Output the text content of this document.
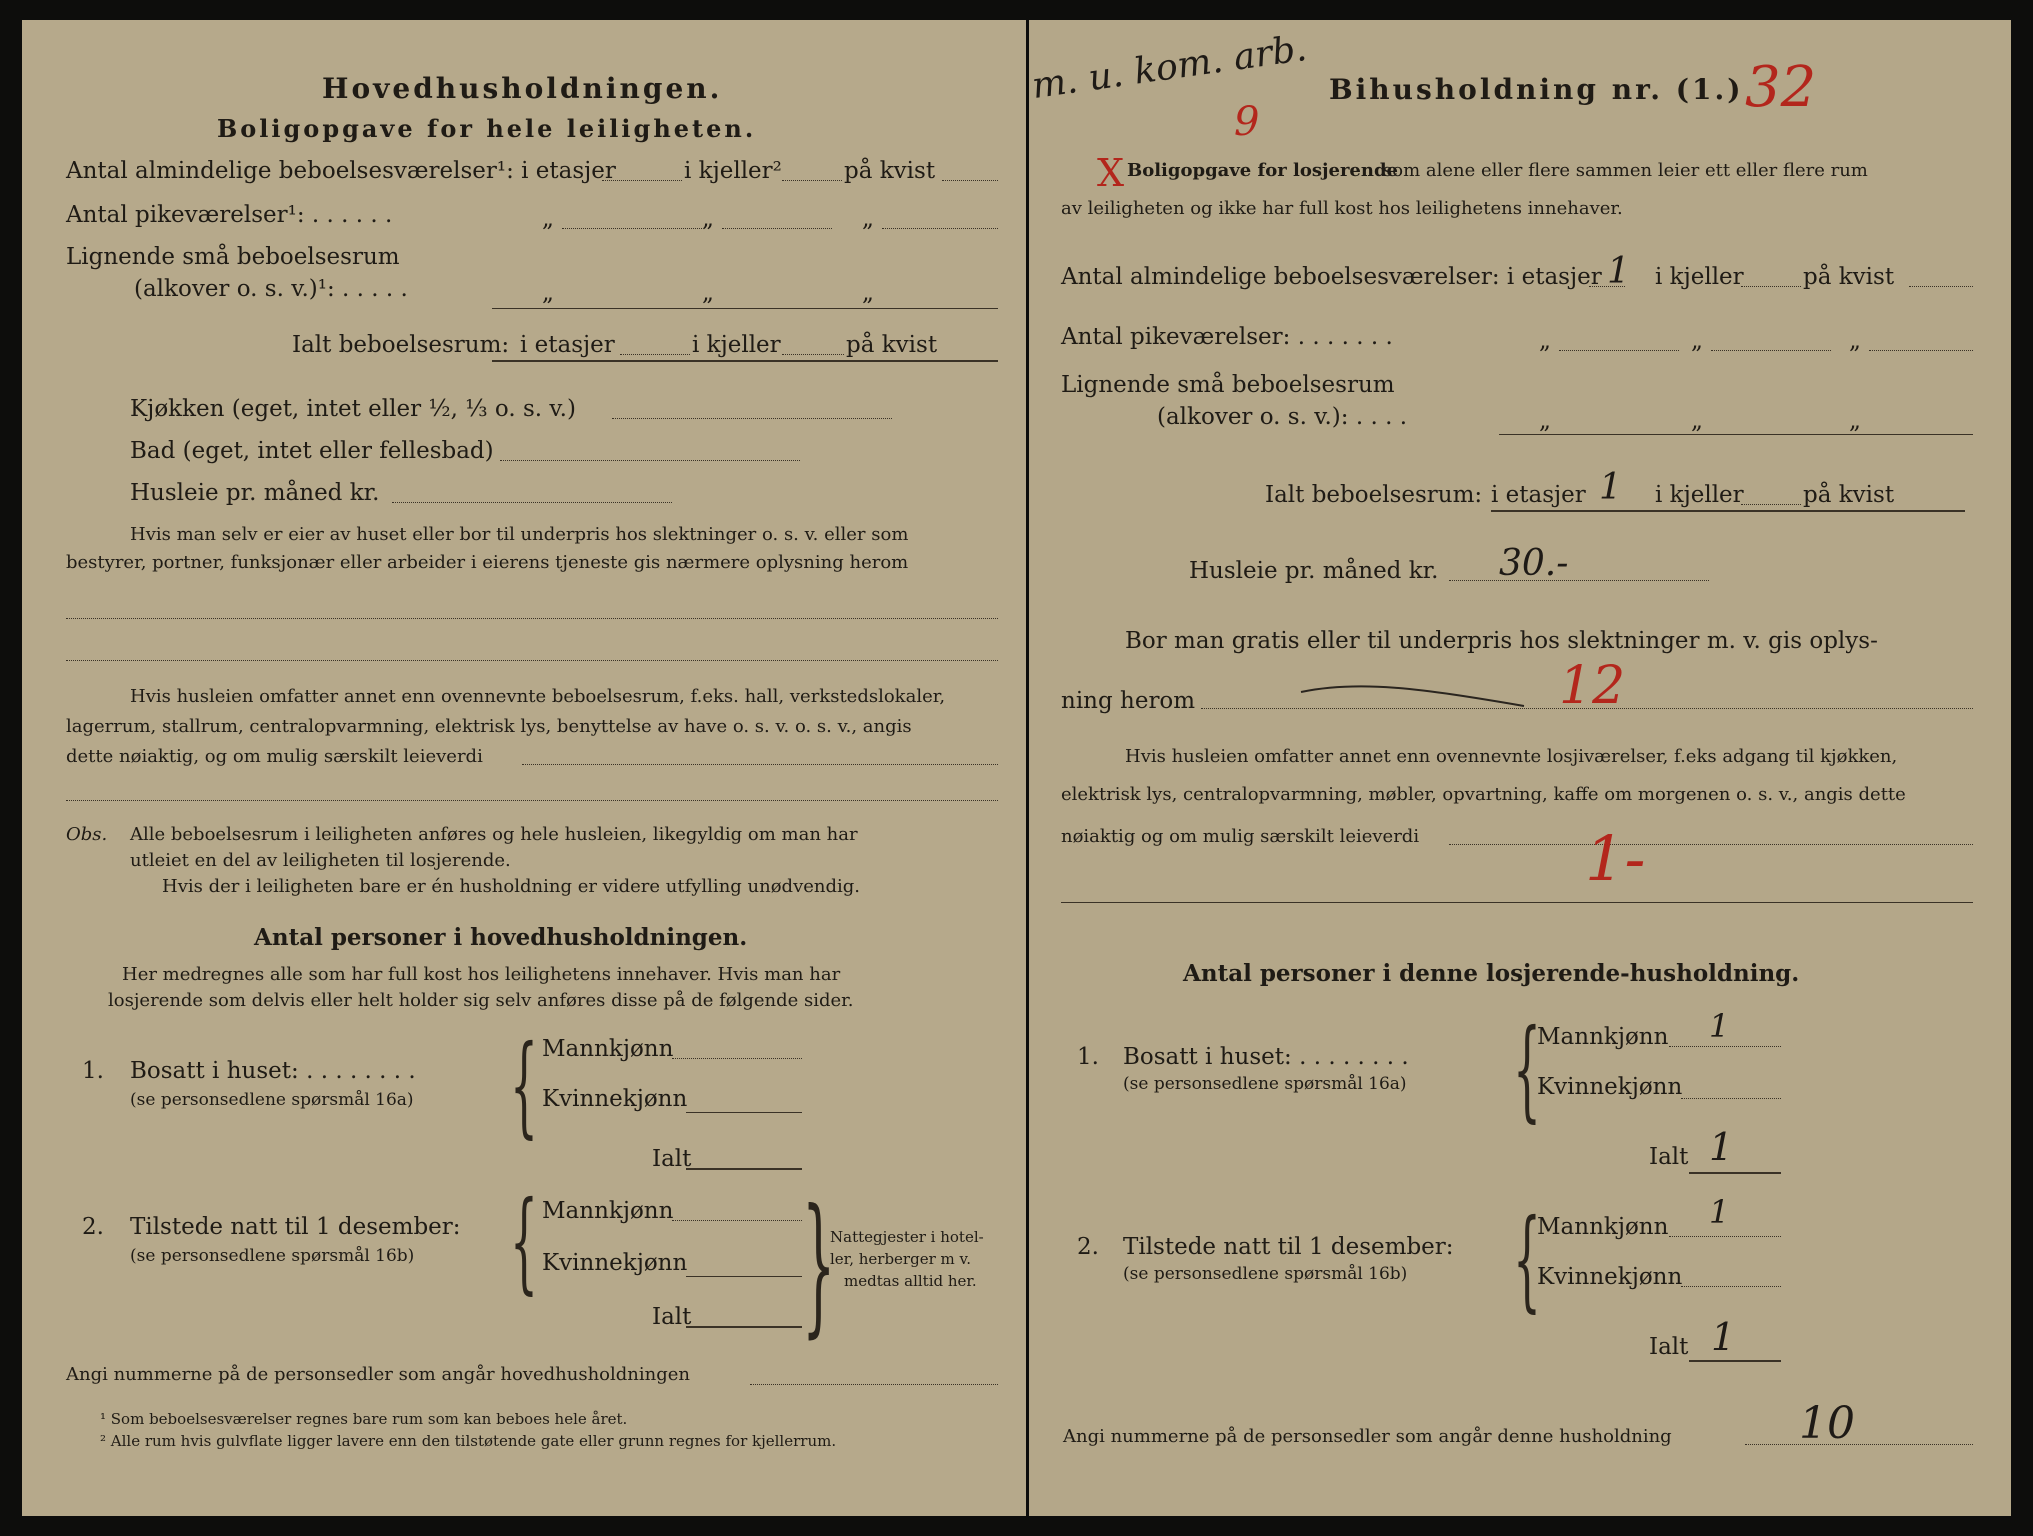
Hovedhusholdningen.
Boligopgave for hele leiligheten.
Antal almindelige beboelsesværelser¹: i etasjer	i kjeller²	på kvist
Antal pikeværelser¹: . . . . . .	„	„	„
Lignende små beboelsesrum
(alkover o. s. v.)¹: . . . . .	„	„	„
Ialt beboelsesrum: i etasjer	i kjeller	på kvist
Kjøkken (eget, intet eller ½, ⅓ o. s. v.)
Bad (eget, intet eller fellesbad)
Husleie pr. måned kr.
Hvis man selv er eier av huset eller bor til underpris hos slektninger o. s. v. eller som
bestyrer, portner, funksjonær eller arbeider i eierens tjeneste gis nærmere oplysning herom
Hvis husleien omfatter annet enn ovennevnte beboelsesrum, f.eks. hall, verkstedslokaler,
lagerrum, stallrum, centralopvarmning, elektrisk lys, benyttelse av have o. s. v. o. s. v., angis
dette nøiaktig, og om mulig særskilt leieverdi
Obs. Alle beboelsesrum i leiligheten anføres og hele husleien, likegyldig om man har
utleiet en del av leiligheten til losjerende.
Hvis der i leiligheten bare er én husholdning er videre utfylling unødvendig.
Antal personer i hovedhusholdningen.
Her medregnes alle som har full kost hos leilighetens innehaver. Hvis man har
losjerende som delvis eller helt holder sig selv anføres disse på de følgende sider.
1. Bosatt i huset: . . . . . . . .
(se personsedlene spørsmål 16a) { Mannkjønn
Kvinnekjønn
Ialt
2. Tilstede natt til 1 desember:
(se personsedlene spørsmål 16b) { Mannkjønn
Kvinnekjønn
Ialt }
Nattegjester i hotel-
ler, herberger m v.
medtas alltid her.
Angi nummerne på de personsedler som angår hovedhusholdningen
¹ Som beboelsesværelser regnes bare rum som kan beboes hele året.
² Alle rum hvis gulvflate ligger lavere enn den tilstøtende gate eller grunn regnes for kjellerrum.
m. u. kom. arb.
9
Bihusholdning nr. (1.) 32
X Boligopgave for losjerende
som alene eller flere sammen leier ett eller flere rum
av leiligheten og ikke har full kost hos leilighetens innehaver.
Antal almindelige beboelsesværelser: i etasjer 1 i kjeller	på kvist
Antal pikeværelser: . . . . . . .	„	„	„
Lignende små beboelsesrum
(alkover o. s. v.): . . . .	„	„	„
Ialt beboelsesrum: i etasjer 1 i kjeller	på kvist
Husleie pr. måned kr. 30.-
Bor man gratis eller til underpris hos slektninger m. v. gis oplys-
ning herom	12
Hvis husleien omfatter annet enn ovennevnte losjiværelser, f.eks adgang til kjøkken,
elektrisk lys, centralopvarmning, møbler, opvartning, kaffe om morgenen o. s. v., angis dette
nøiaktig og om mulig særskilt leieverdi	1-
Antal personer i denne losjerende-husholdning.
1. Bosatt i huset: . . . . . . . .
(se personsedlene spørsmål 16a) {
Mannkjønn 1
Kvinnekjønn
Ialt 1
2. Tilstede natt til 1 desember:
(se personsedlene spørsmål 16b) {
Mannkjønn 1
Kvinnekjønn
Ialt 1
Angi nummerne på de personsedler som angår denne husholdning	10
